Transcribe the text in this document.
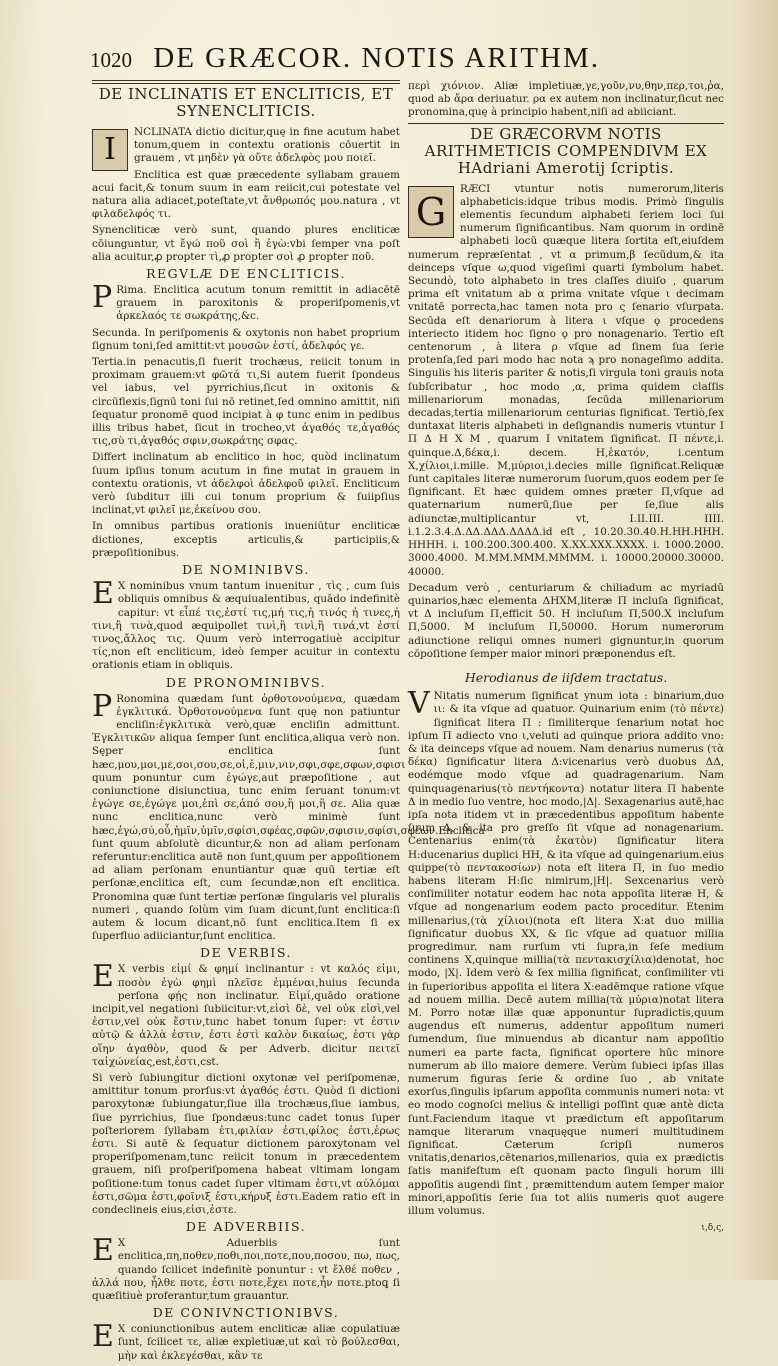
1020 DE GRÆCOR. NOTIS ARITHM.
DE INCLINATIS ET ENCLITICIS, ET SYNENCLITICIS.
I	NCLINATA dictio dicitur,quę in fine acutum habet tonum,quem in contextu orationis cōuertit in grauem , vt μηδὲν γὰ οὔτε ἀδελφὸς μου ποιεῖ.

Enclitica est quæ præcedente syllabam grauem acui facit,& tonum suum in eam reiicit,cui potestate vel natura alia adiacet,poteſtate,vt ἄνθρωπός μου.natura , vt φιλαδελφός τι.

Synencliticæ verò sunt, quando plures encliticæ cōiunguntur, vt ἔγώ ποῦ σοὶ ἢ ἐγὼ:vbi ſemper vna poſt alia acuitur,ꝓ propter τὶ,ꝓ propter σοὶ ꝓ propter ποῦ.

REGVLÆ DE ENCLITICIS.

P Rima. Enclitica acutum tonum remittit in adiacētē grauem in paroxitonis & properiſpomenis,vt ἀρκελαός τε σωκράτης,&c.

Secunda. In periſpomenis & oxytonis non habet proprium ſignum toni,ſed amittit:vt μουσῶν ἐστί, ἀδελφός γε.

Tertia.in penacutis,ſi fuerit trochæus, reiicit tonum in proximam grauem:vt φῶτά τι,Si autem fuerit ſpondeus vel iabus, vel pyrrichius,ſicut in oxitonis & circūflexis,ſignū toni ſui nō retinet,ſed omnino amittit, niſi ſequatur pronomē quod incipiat à φ tunc enim in pedibus illis tribus habet, ſicut in trocheo,vt ἀγαθός τε,ἀγαθός τις,σὺ τι,ἀγαθός σφιν,σωκράτης σφας.

Differt inclinatum ab enclitico in hoc, quòd inclinatum ſuum ipſius tonum acutum in fine mutat in grauem in contextu orationis, vt ἀδελφοὶ ἀδελφοῦ φιλεῖ. Encliticum verò ſubdituт illi cui tonum proprium & ſuiipſius inclinat,vt φιλεῖ με,ἐκείνου σου.

In omnibus partibus orationis inueniūtur encliticæ dictiones, exceptis articulis,& participiis,& præpoſitionibus.

DE NOMINIBVS.

E X nominibus vnum tantum inuenitur , τὶς , cum ſuis obliquis omnibus & æquiualentibus, quādo indefinitè capitur: vt εἶπέ τις,ἐστί τις,μή τις,ἠ τινός ἠ τινες,ἠ τινι,ἢ τινὰ,quod æquipollet τινὶ,ἢ τινὶ,ἢ τινά,vt ἐστί τινος,ἄλλος τις. Quum verò interrogatiuè accipitur τίς,non eſt encliticum, ideò ſemper acuitur in contextu orationis etiam in obliquis.

DE PRONOMINIBVS.

P Ronomina quædam ſunt ὀρθοτονούμενα, quædam ἐγκλιτικά. Ὀρθοτονούμενα ſunt quę non patiuntur encliſin:ἐγκλιτικὰ verò,quæ encliſin admittunt. Ἐγκλιτικῶν aliqua ſemper ſunt enclitica,aliqua verò non. Sęper enclitica ſunt hæc,μου,μοι,με,σοι,σου,σε,οἱ,ἑ,μιν,νιν,σφι,σφε,σφων,σφισι quum ponuntur cum ἐγώγε,aut præpoſitione , aut coniunctione disiunctiua, tunc enim ſeruant tonum:vt ἐγώγε σε,ἐγώγε μοι,ἐπὶ σε,ἀπό σου,ἢ μοι,ἢ σε. Alia quæ nunc enclitica,nunc verò minimè ſunt hæc,ἐγώ,σύ,οὗ,ἡμῖν,ὑμῖν,σφίσι,σφέας,σφῶν,σφισιν,σφίσι,σφέων.Enclitica ſunt quum abſolutè dicuntur,& non ad aliam perſonam referuntur:enclitica autē non ſunt,quum per appoſitionem ad aliam perſonam enuntiantur quæ quū tertiæ eſt perſonæ,enclitica eſt, cum ſecundæ,non eſt enclitica. Pronomina quæ ſunt tertiæ perſonæ ſingularis vel pluralis numeri , quando ſolùm vim ſuam dicunt,ſunt enclitica:ſi autem & locum dicant,nō ſunt enclitica.Item ſi ex ſuperfluo adiiciantur,ſunt enclitica.

DE VERBIS.

E X verbis εἰμί & φημί inclinantur : vt καλός εἰμι, ποσὸν ἐγὼ φημὶ πλεῖσε ἐμμέναι,huius ſecunda perſona φῄς non inclinatur. Εἰμί,quādo oratione incipit,vel negationi ſubiicitur:vt,εἰσὶ δὲ, vel οὐκ εἰσὶ,vel ἐστιν,vel οὐκ ἔστιν,tunc habet tonum ſuper: vt ἐστιν αὐτῷ & ἀλλὰ ἐστιν, ἐστι ἐστὶ καλὸν δικαίως, ἐστι γὰρ οἵην ἀγαθὸν, quod & per Adverb. dicitur πειτεῖ ταἰχώνείας,est,ἐστι,cst.

Si verò ſubiungitur dictioni oxytonæ vel periſpomenæ, amittitur tonum prorſus:vt ἀγαθός ἐστι. Quòd ſi dictioni paroxytonæ ſubiungatur,ſiue illa trochæus,ſiue iambus, ſiue pyrrichius, ſiue ſpondæus:tunc cadet tonus ſuper poſteriorem ſyllabam ἑτι,φιλίαν ἐστι,φίλος ἐστι,ἐρως ἐστι. Si autē & ſequatur dictionem paroxytonam vel properiſpomenam,tunc reiicit tonum in præcedentem grauem, niſi proſperiſpomena habeat vltimam longam poſitione:tum tonus cadet ſuper vltimam ἐστι,vt αὐλόμαι ἐστι,σῶμα ἐστι,φοῖνιξ ἐστι,κήρυξ ἐστι.Eadem ratio eſt in condeclineis eius,εἰσι,ἐστε.

DE ADVERBIIS.

E X Aduerbiis ſunt enclitica,πη,ποθεν,ποθι,ποι,ποτε,που,ποσου, πω, πως, quando ſcilicet indefinitè ponuntur : vt ἔλθέ ποθεν , ἀλλά που, ἦλθε ποτε, ἐστι ποτε,ἔχει ποτε,ἦν ποτε.ptoꝗ ſi quæſitiuè proferantur,tum grauantur.

DE CONIVNCTIONIBVS.

E X coniunctionibus autem encliticæ aliæ copulatiuæ ſunt, ſcilicet τε, aliæ expletiuæ,ut καὶ τὸ βούλεσθαι, μὴν καὶ ἐκλεγέσθαι, κἂν τε

περὶ χιόνιον. Aliæ impletiuæ,γε,γοῦν,νυ,θην,περ,τοι,ῥα, quod ab ἄρα deriuatur. ρα ex autem non inclinatur,ſicut nec pronomina,quę à principio habent,niſi ad abiiciant.

DE GRÆCORVM NOTIS ARITHMETICIS COMPENDIVM EX HAdriani Amerotij ſcriptis.
G

RÆCI vtuntur notis numerorum,literis alphabeticis:idque tribus modis. Primò ſingulis elementis ſecundum alphabeti ſeriem loci ſui numerum ſignificantibus. Nam quorum in ordinē alphabeti locū quæque litera ſortita eſt,eiuſdem numerum repræſentat , vt α primum,β ſecūdum,& ita deinceps vſque ω,quod vigeſimi quarti ſymbolum habet. Secundò, toto alphabeto in tres claſſes diuiſo , quarum prima eſt vnitatum ab α prima vnitate vſque ι decimam vnitatē porrecta,hac tamen nota pro ς ſenario vſurpata. Secūda eſt denariorum à litera ι vſque ϙ procedens interiecto itidem hoc ſigno ϙ pro nonagenario. Tertio eſt centenorum , à litera ρ vſque ad ſinem ſua ſerie protenſa,ſed pari modo hac nota ϡ pro nonageſimo addita. Singulis his literis pariter & notis,ſi virgula toni grauis nota ſubſcribatur , hoc modo ,α, prima quidem claſſis millenariorum monadas, ſecūda millenariorum decadas,tertia millenariorum centurias ſignificat. Tertiò,ſex duntaxat literis alphabeti in deſignandis numeris vtuntur Ι Π Δ Η Χ Μ , quarum Ι vnitatem ſignificat. Π πέντε,i. quinque.Δ,δέκα,i. decem. Η,ἑκατόν, i.centum Χ,χίλιοι,i.mille. Μ,μύριοι,i.decies mille ſignificat.Reliquæ ſunt capitales literæ numerorum ſuorum,quos eodem per ſe ſignificant. Et hæc quidem omnes præter Π,vſque ad quaternarium numerū,ſiue per ſe,ſiue alis adiunctæ,multiplicantur vt, I.II.III. IIII. i.1.2.3.4.Δ.ΔΔ.ΔΔΔ.ΔΔΔΔ.id eſt , 10.20.30.40.Η.ΗΗ.ΗΗΗ. ΗΗΗΗ. i. 100.200.300.400. Χ.ΧΧ.ΧΧΧ.ΧΧΧΧ. i. 1000.2000. 3000.4000. Μ.ΜΜ.ΜΜΜ.ΜΜΜΜ. i. 10000.20000.30000. 40000.

Decadum verò , centuriarum & chiliadum ac myriadū quinarios,hæc elementa ΔΗΧΜ,literæ Π incluſa ſignificat, vt Δ incluſum Π,efficit 50. Η incluſum Π,500.Χ incluſum Π,5000. Μ incluſum Π,50000. Horum numerorum adiunctione reliqui omnes numeri gignuntur,in quorum cōpoſitione ſemper maior minori præponendus eſt.

Herodianus de iiſdem tractatus.

V Nitatis numerum ſignificat ynum iota : binarium,duo ιι: & ita vſque ad quatuor. Quinarium enim (τὸ πέντε) ſignificat litera Π : ſimiliterque ſenarium notat hoc ipſum Π adiecto vno ι,veluti ad quinque priora addito vno: & ita deinceps vſque ad nouem. Nam denarius numerus (τὰ δέκα) ſignificatur litera Δ:vicenarius verò duobus ΔΔ, eodémque modo vſque ad quadragenarium. Nam quinquagenarius(τὸ πεντήκοντα) notatur litera Π habente Δ in medio ſuo ventre, hoc modo,|Δ|. Sexagenarius autē,hac ipſa nota itidem vt in præcedentibus appoſitum habente ſuum Δ, & ita pro greſſo ſit vſque ad nonagenarium. Centenarius enim(τὰ ἑκατὸν) ſignificatur litera Η:ducenarius duplici ΗΗ, & ita vſque ad quingenarium.eius quippe(τὸ πεντακοσίων) nota eſt litera Π, in ſuo medio habens literam Η:ſic nimirum,|Η|. Sexcenarius verò conſimiliter notatur eodem hac nota appoſita literæ Η, & vſque ad nongenarium eodem pacto proceditur. Etenim millenarius,(τὰ χίλιοι)(nota eſt litera Χ:at duo millia ſignificatur duobus ΧΧ, & ſic vſque ad quatuor millia progredimur. nam rurſum vti ſupra,in ſeſe medium continens Χ,quinque millia(τὰ πεντακισχίλια)denotat, hoc modo, |Χ|. Idem verò & ſex millia ſignificat, conſimiliter vti in ſuperioribus appoſita ei litera Χ:eadēmque ratione vſque ad nouem millia. Decē autem millia(τὰ μύρια)notat litera Μ. Porro notæ illæ quæ apponuntur ſupradictis,quum augendus eſt numerus, addentur appoſitum numeri ſumendum, ſiue minuendus ab dicantur nam appoſitio numeri ea parte facta, ſignificat oportere hūc minore numerum ab illo maiore demere. Verùm ſubieci ipſas illas numerum figuras ſerie & ordine ſuo , ab vnitate exorſus,ſingulis ipſarum appoſita communis numeri nota: vt eo modo cognoſci melius & intelligi poſſint quæ antè dicta ſunt.Faciendum itaque vt prædictum eſt appoſitarum namque literarum vnaquęque numeri multitudinem ſignificat. Cæterum ſcripſi numeros vnitatis,denarios,cētenarios,millenarios, quia ex prædictis ſatis manifeſtum eſt quonam pacto ſinguli horum illi appoſitis augendi ſint , præmittendum autem ſemper maior minori,appoſitis ſerie ſua tot aliis numeris quot augere illum volumus.

ι,δ,ς,
